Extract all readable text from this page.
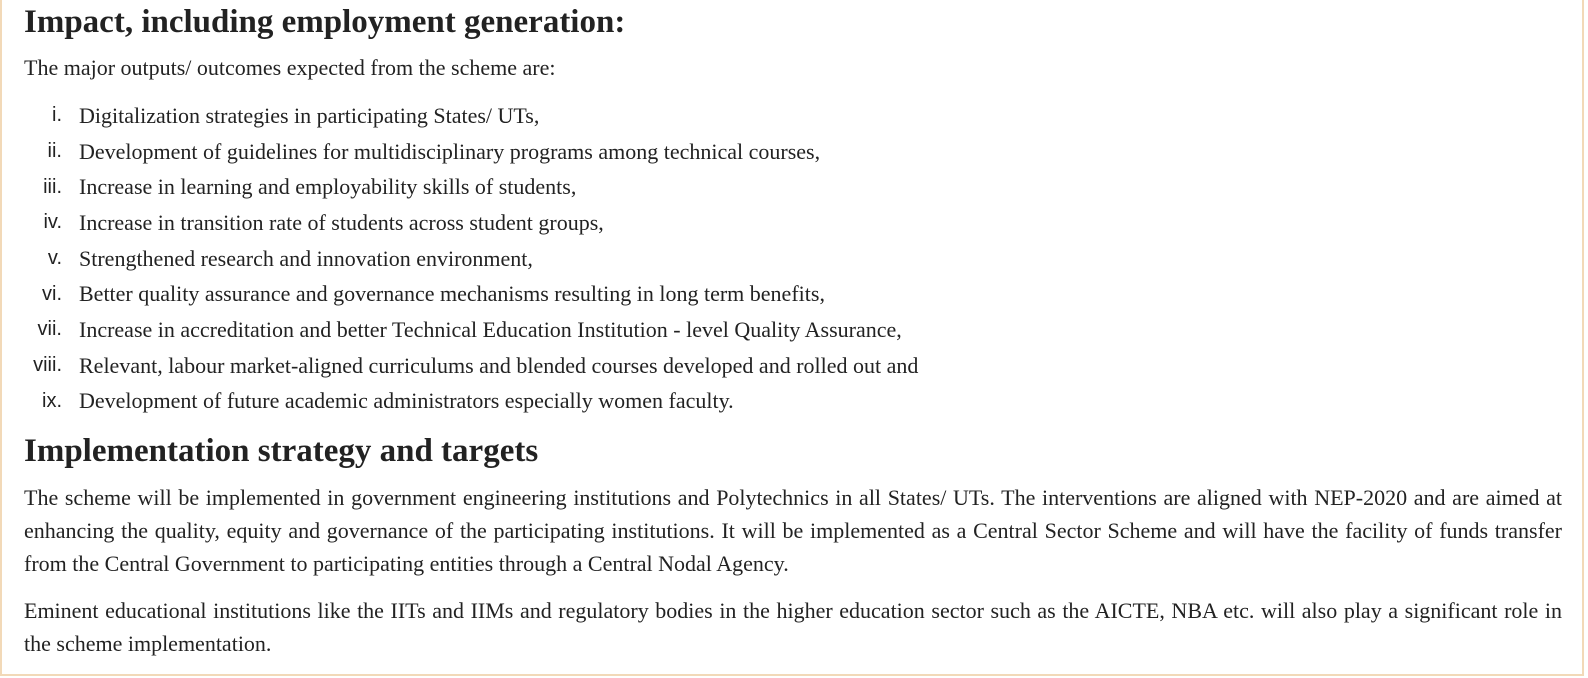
Impact, including employment generation:

The major outputs/ outcomes expected from the scheme are:

i. Digitalization strategies in participating States/ UTs,
ii. Development of guidelines for multidisciplinary programs among technical courses,
iii. Increase in learning and employability skills of students,
iv. Increase in transition rate of students across student groups,
v. Strengthened research and innovation environment,
vi. Better quality assurance and governance mechanisms resulting in long term benefits,
vii. Increase in accreditation and better Technical Education Institution - level Quality Assurance,
viii. Relevant, labour market-aligned curriculums and blended courses developed and rolled out and
ix. Development of future academic administrators especially women faculty.
Implementation strategy and targets

The scheme will be implemented in government engineering institutions and Polytechnics in all States/ UTs. The interventions are aligned with NEP-2020 and are aimed at enhancing the quality, equity and governance of the participating institutions. It will be implemented as a Central Sector Scheme and will have the facility of funds transfer from the Central Government to participating entities through a Central Nodal Agency.

Eminent educational institutions like the IITs and IIMs and regulatory bodies in the higher education sector such as the AICTE, NBA etc. will also play a significant role in the scheme implementation.
